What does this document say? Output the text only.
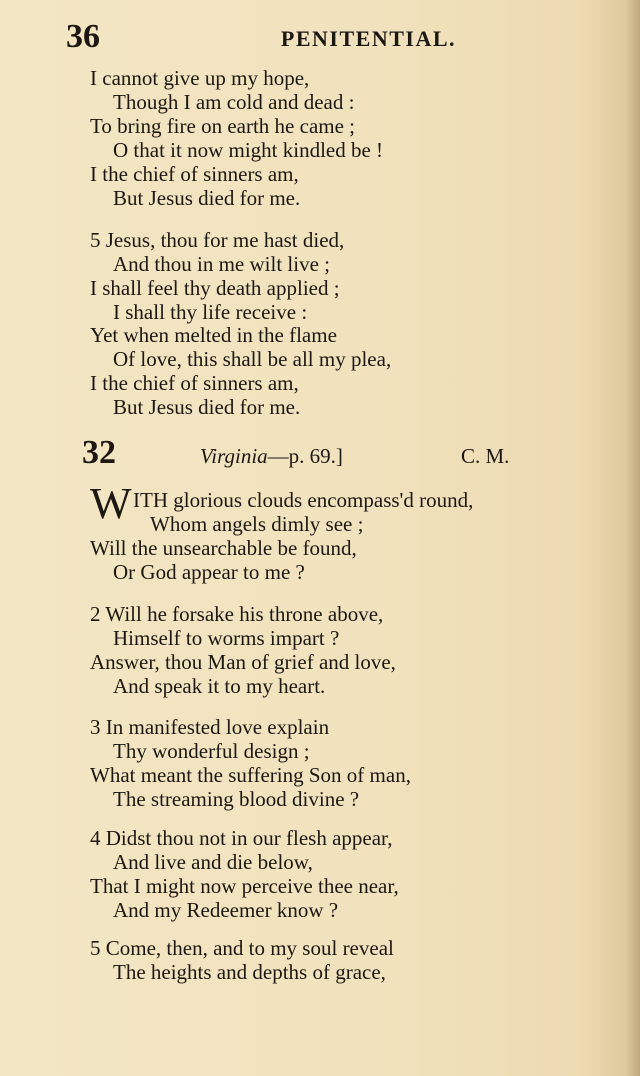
36	PENITENTIAL.
I cannot give up my hope,
Though I am cold and dead :
To bring fire on earth he came ;
O that it now might kindled be !
I the chief of sinners am,
But Jesus died for me.
5 Jesus, thou for me hast died,
And thou in me wilt live ;
I shall feel thy death applied ;
I shall thy life receive :
Yet when melted in the flame
Of love, this shall be all my plea,
I the chief of sinners am,
But Jesus died for me.
32	Virginia—p. 69.]	C. M.
W ITH glorious clouds encompass'd round,
Whom angels dimly see ;
Will the unsearchable be found,
Or God appear to me ?
2 Will he forsake his throne above,
Himself to worms impart ?
Answer, thou Man of grief and love,
And speak it to my heart.
3 In manifested love explain
Thy wonderful design ;
What meant the suffering Son of man,
The streaming blood divine ?
4 Didst thou not in our flesh appear,
And live and die below,
That I might now perceive thee near,
And my Redeemer know ?
5 Come, then, and to my soul reveal
The heights and depths of grace,
